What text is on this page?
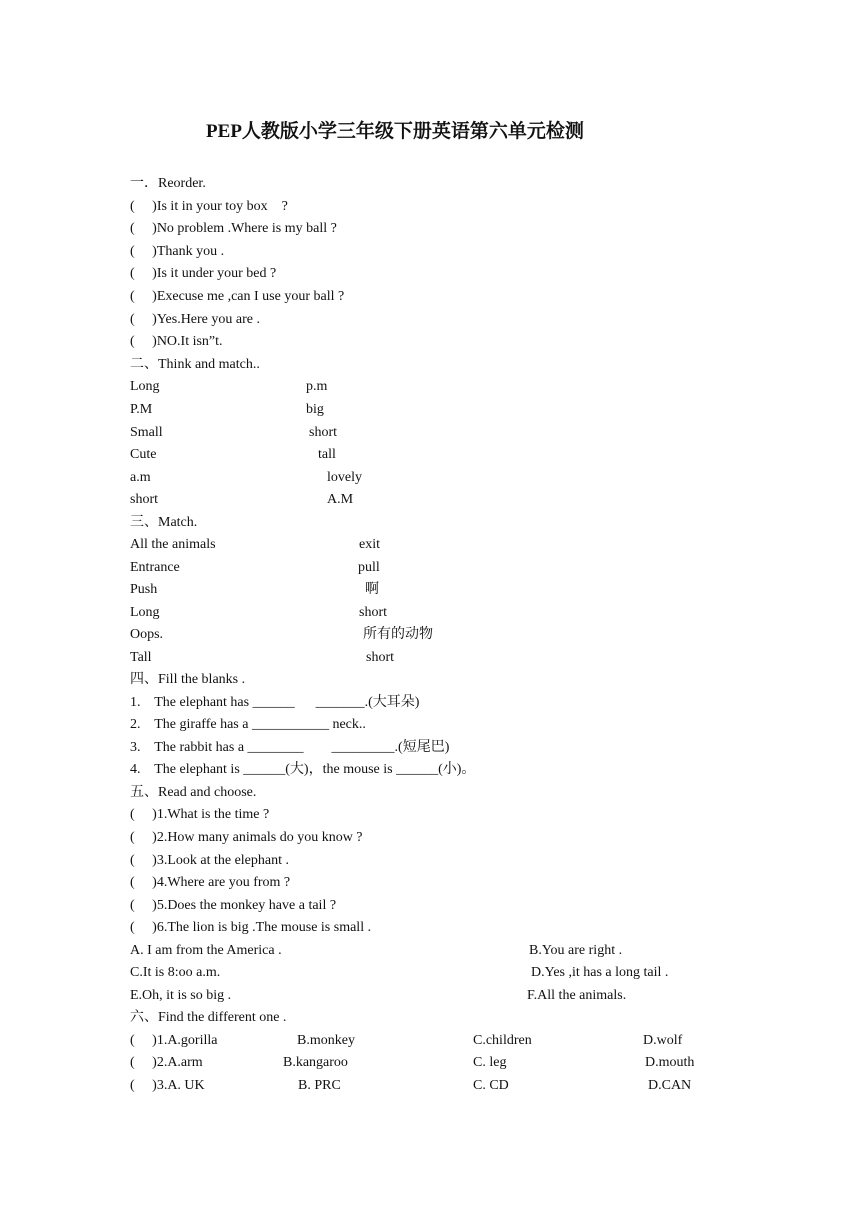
PEP人教版小学三年级下册英语第六单元检测
一．Reorder.
(     )Is it in your toy box    ?
(     )No problem .Where is my ball ?
(     )Thank you .
(     )Is it under your bed ?
(     )Execuse me ,can I use your ball ?
(     )Yes.Here you are .
(     )NO.It isn”t.
二、Think and match..
Long	p.m
P.M	big
Small	short
Cute	tall
a.m	lovely
short	A.M
三、Match.
All the animals	exit
Entrance	pull
Push	啊
Long	short
Oops.	所有的动物
Tall	short
四、Fill the blanks .
1.    The elephant has ______      _______.(大耳朵)
2.    The giraffe has a ___________ neck..
3.    The rabbit has a ________        _________.(短尾巴)
4.    The elephant is ______(大)，the mouse is ______(小)。
五、Read and choose.
(     )1.What is the time ?
(     )2.How many animals do you know ?
(     )3.Look at the elephant .
(     )4.Where are you from ?
(     )5.Does the monkey have a tail ?
(     )6.The lion is big .The mouse is small .
A. I am from the America .	B.You are right .
C.It is 8:oo a.m.	D.Yes ,it has a long tail .
E.Oh, it is so big .	F.All the animals.
六、Find the different one .
(     )1.A.gorilla	B.monkey	C.children	D.wolf
(     )2.A.arm	B.kangaroo	C. leg	D.mouth
(     )3.A. UK	B. PRC	C. CD	D.CAN
